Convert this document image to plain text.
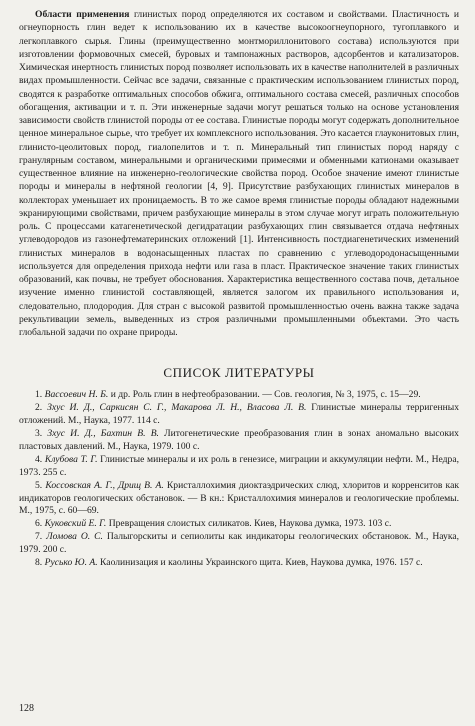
Области применения глинистых пород определяются их составом и свойствами. Пластичность и огнеупорность глин ведет к использованию их в качестве высокоогнеупорного, тугоплавкого и легкоплавкого сырья. Глины (преимущественно монтмориллонитового состава) используются при изготовлении формовочных смесей, буровых и тампонажных растворов, адсорбентов и катализаторов. Химическая инертность глинистых пород позволяет использовать их в качестве наполнителей в различных видах промышленности. Сейчас все задачи, связанные с практическим использованием глинистых пород, сводятся к разработке оптимальных способов обжига, оптимального состава смесей, различных способов обогащения, активации и т. п. Эти инженерные задачи могут решаться только на основе установления зависимости свойств глинистой породы от ее состава. Глинистые породы могут содержать дополнительное ценное минеральное сырье, что требует их комплексного использования. Это касается глауконитовых глин, глинисто-цеолитовых пород, гиалопелитов и т. п. Минеральный тип глинистых пород наряду с гранулярным составом, минеральными и органическими примесями и обменными катионами оказывает существенное влияние на инженерно-геологические свойства пород. Особое значение имеют глинистые породы и минералы в нефтяной геологии [4, 9]. Присутствие разбухающих глинистых минералов в коллекторах уменьшает их проницаемость. В то же самое время глинистые породы обладают надежными экранирующими свойствами, причем разбухающие минералы в этом случае могут играть положительную роль. С процессами катагенетической дегидратации разбухающих глин связывается отдача нефтяных углеводородов из газонефтематеринских отложений [1]. Интенсивность постдиагенетических изменений глинистых минералов в водонасыщенных пластах по сравнению с углеводородонасыщенными используется для определения прихода нефти или газа в пласт. Практическое значение таких глинистых образований, как почвы, не требует обоснования. Характеристика вещественного состава почв, детальное изучение именно глинистой составляющей, является залогом их правильного использования и, следовательно, плодородия. Для стран с высокой развитой промышленностью очень важна также задача рекультивации земель, выведенных из строя различными промышленными объектами. Это часть глобальной задачи по охране природы.

СПИСОК ЛИТЕРАТУРЫ
1. Вассоевич Н. Б. и др. Роль глин в нефтеобразовании. — Сов. геология, № 3, 1975, с. 15—29.
2. Зхус И. Д., Саркисян С. Г., Макарова Л. Н., Власова Л. В. Глинистые минералы терригенных отложений. М., Наука, 1977. 114 с.
3. Зхус И. Д., Бахтин В. В. Литогенетические преобразования глин в зонах аномально высоких пластовых давлений. М., Наука, 1979. 100 с.
4. Клубова Т. Г. Глинистые минералы и их роль в генезисе, миграции и аккумуляции нефти. М., Недра, 1973. 255 с.
5. Коссовская А. Г., Дрищ В. А. Кристаллохимия диоктаэдрических слюд, хлоритов и корренситов как индикаторов геологических обстановок. — В кн.: Кристаллохимия минералов и геологические проблемы. М., 1975, с. 60—69.
6. Куковский Е. Г. Превращения слоистых силикатов. Киев, Наукова думка, 1973. 103 с.
7. Ломова О. С. Палыгорскиты и сепиолиты как индикаторы геологических обстановок. М., Наука, 1979. 200 с.
8. Русько Ю. А. Каолинизация и каолины Украинского щита. Киев, Наукова думка, 1976. 157 с.
128
